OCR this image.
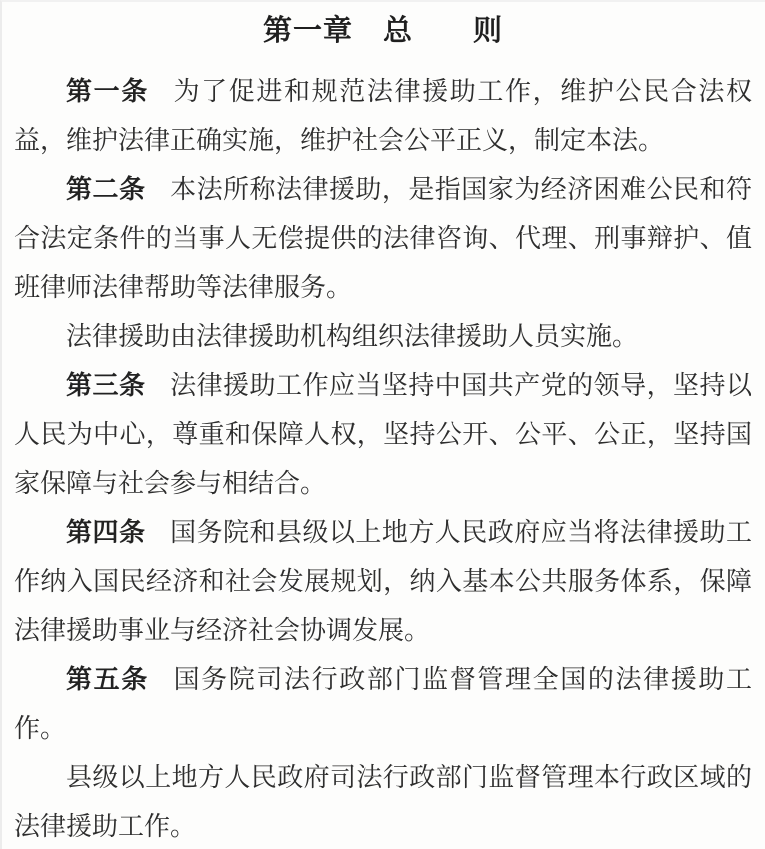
第一章　总　　则

第一条 为了促进和规范法律援助工作，维护公民合法权益，维护法律正确实施，维护社会公平正义，制定本法。

第二条 本法所称法律援助，是指国家为经济困难公民和符合法定条件的当事人无偿提供的法律咨询、代理、刑事辩护、值班律师法律帮助等法律服务。

法律援助由法律援助机构组织法律援助人员实施。

第三条 法律援助工作应当坚持中国共产党的领导，坚持以人民为中心，尊重和保障人权，坚持公开、公平、公正，坚持国家保障与社会参与相结合。

第四条 国务院和县级以上地方人民政府应当将法律援助工作纳入国民经济和社会发展规划，纳入基本公共服务体系，保障法律援助事业与经济社会协调发展。

第五条 国务院司法行政部门监督管理全国的法律援助工作。

县级以上地方人民政府司法行政部门监督管理本行政区域的法律援助工作。
